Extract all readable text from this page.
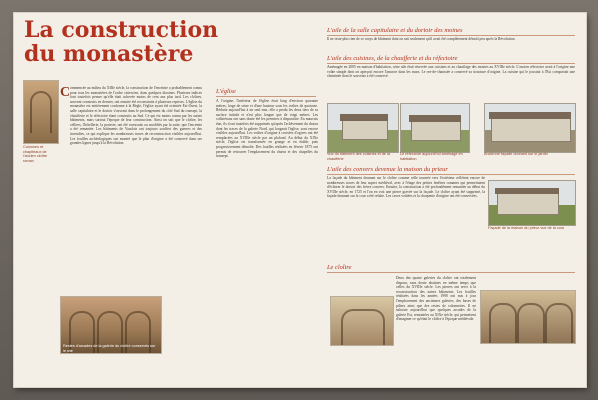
La construction
du monastère
C ommencée au milieu du XIIIe siècle, la construction de l'enceinte a probablement connu pour tous les monastères de l'ordre cistercien, dans quelques dizaines. Plusieurs indices font toutefois penser qu'elle était achevée moins de cent ans plus tard. Les cloîtres, souvent construits en dernier, ont ensuite été reconstruits à plusieurs reprises. L'église du monastère est entièrement conforme à la Règle, l'église ayant été orientée Est-Ouest, la salle capitulaire et le dortoir s'ouvrant dans le prolongement du côté Sud du transept, la chaufferie et le réfectoire étant construits au Sud. Ce qui est moins connu par les autres bâtiments, mais surtout l'époque de leur construction. Ainsi on sait que le cloître, les celliers, l'hôtellerie, la porterie, ont été construits ou modifiés par la suite, que l'enceinte a été remaniée. Les bâtiments de Vauclair ont toujours souffert des guerres et des incendies, ce qui explique les nombreuses traces de reconstruction visibles aujourd'hui. Les fouilles archéologiques ont montré que le plan d'origine a été conservé dans ses grandes lignes jusqu'à la Révolution.
Restes d'arcades de la galerie du cloître conservés sur le site
Colonnes et chapiteaux de l'ancien cloître roman
L'église
À l'origine, l'intérieur de l'église était long d'environ quarante mètres, large de seize et d'une hauteur sous les voûtes de quatorze. Réduite aujourd'hui à un seul mur, elle a perdu les deux tiers de sa surface initiale et n'est plus longue que de vingt mètres. Les collatéraux ont sans doute été les premiers à disparaître. En mauvais état, ils n'ont toutefois été supprimés qu'après l'achèvement du chœur dont les traces de la galerie Nord, qui longeait l'église, sont encore visibles aujourd'hui. Les voûtes d'origine à croisées d'ogives ont été remplacées au XVIIIe siècle par un plafond. Au début du XIXe siècle, l'église est transformée en grange et en étable, puis progressivement démolie. Des fouilles réalisées en février 1875 ont permis de retrouver l'emplacement du chœur et des chapelles du transept.
L'aile de la salle capitulaire et du dortoir des moines
Il ne reste plus rien de ce corps de bâtiment dont on sait seulement qu'il avait été complètement démoli peu après la Révolution.
L'aile des cuisines, de la chaufferie et du réfectoire
Aménagée en 2005 en maison d'habitation, cette aile était réservée aux cuisines et au chauffage des moines au XVIIIe siècle. L'ancien réfectoire avait à l'origine une voûte simple dont on aperçoit encore l'amorce dans les murs. Le rez-de-chaussée a conservé sa structure d'origine. La cuisine qui le jouxtait à l'Est comportait une cheminée dont le souvenir a été conservé.
Vue du bâtiment des cuisines et de la chaufferie
Le réfectoire aujourd'hui aménagé en habitation
Ancienne façade donnant sur le jardin
L'aile des convers devenue la maison du prieur
La façade du bâtiment donnant sur le cloître comme celle tournée vers l'extérieur reflètent encore de nombreuses traces de leur aspect médiéval, avec à l'étage des petites fenêtres romanes qui permettaient d'éclairer le dortoir des frères convers. Ensuite, la construction a été profondément remaniée au début du XVIIIe siècle, en 1725 et l'on en voit une pierre gravée sur la façade. Le cloître ayant été supprimé, la façade donnant sur la cour a été refaite. Les caves voûtées et la charpente d'origine ont été conservées.
Façade de la maison du prieur vue de la cour
Le cloître
Deux des quatre galeries du cloître ont totalement disparu, sans doute abattues en même temps que celles du XVIIIe siècle. Les pierres ont servi à la reconstruction des autres bâtiments. Les fouilles réalisées dans les années 1990 ont mis à jour l'emplacement des anciennes galeries, des bases de piliers ainsi que des restes de colonnettes. Il ne subsiste aujourd'hui que quelques arcades de la galerie Est, remontées au XIXe siècle, qui permettent d'imaginer ce qu'était le cloître à l'époque médiévale.
